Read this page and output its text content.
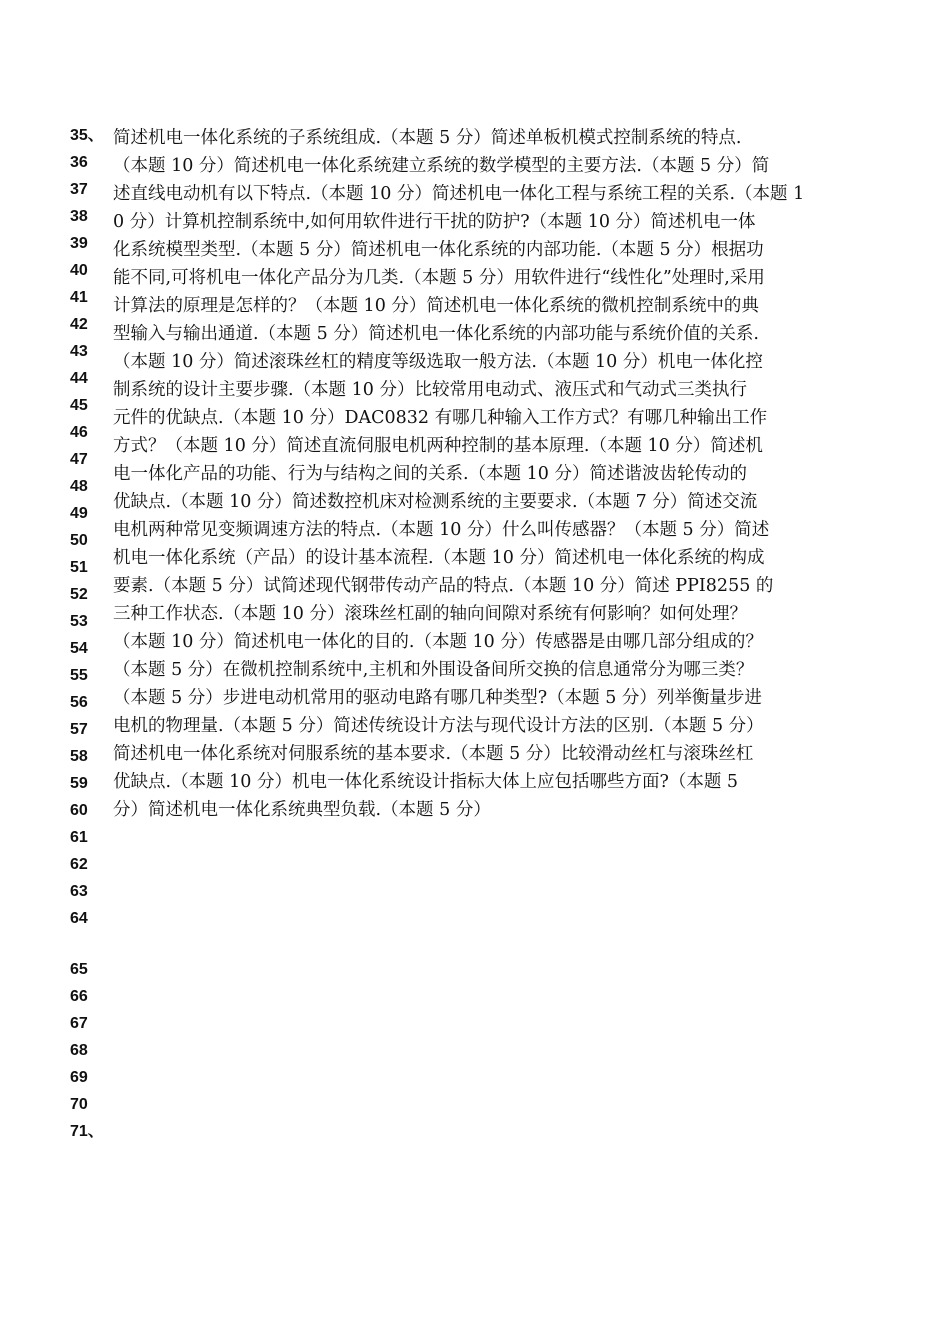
35、
36
37
38
39
40
41
42
43
44
45
46
47
48
49
50
51
52
53
54
55
56
57
58
59
60
61
62
63
64
65
66
67
68
69
70
71、
简述机电一体化系统的子系统组成.（本题 5 分）简述单板机模式控制系统的特点.
（本题 10 分）简述机电一体化系统建立系统的数学模型的主要方法.（本题 5 分）简
述直线电动机有以下特点.（本题 10 分）简述机电一体化工程与系统工程的关系.（本题 1
0 分）计算机控制系统中,如何用软件进行干扰的防护?（本题 10 分）简述机电一体
化系统模型类型.（本题 5 分）简述机电一体化系统的内部功能.（本题 5 分）根据功
能不同,可将机电一体化产品分为几类.（本题 5 分）用软件进行“线性化”处理时,采用
计算法的原理是怎样的？（本题 10 分）简述机电一体化系统的微机控制系统中的典
型输入与输出通道.（本题 5 分）简述机电一体化系统的内部功能与系统价值的关系.
（本题 10 分）简述滚珠丝杠的精度等级选取一般方法.（本题 10 分）机电一体化控
制系统的设计主要步骤.（本题 10 分）比较常用电动式、液压式和气动式三类执行
元件的优缺点.（本题 10 分）DAC0832 有哪几种输入工作方式？有哪几种输出工作
方式？（本题 10 分）简述直流伺服电机两种控制的基本原理.（本题 10 分）简述机
电一体化产品的功能、行为与结构之间的关系.（本题 10 分）简述谐波齿轮传动的
优缺点.（本题 10 分）简述数控机床对检测系统的主要要求.（本题 7 分）简述交流
电机两种常见变频调速方法的特点.（本题 10 分）什么叫传感器？（本题 5 分）简述
机电一体化系统（产品）的设计基本流程.（本题 10 分）简述机电一体化系统的构成
要素.（本题 5 分）试简述现代钢带传动产品的特点.（本题 10 分）简述 PPI8255 的
三种工作状态.（本题 10 分）滚珠丝杠副的轴向间隙对系统有何影响？如何处理？
（本题 10 分）简述机电一体化的目的.（本题 10 分）传感器是由哪几部分组成的？
（本题 5 分）在微机控制系统中,主机和外围设备间所交换的信息通常分为哪三类？
（本题 5 分）步进电动机常用的驱动电路有哪几种类型?（本题 5 分）列举衡量步进
电机的物理量.（本题 5 分）简述传统设计方法与现代设计方法的区别.（本题 5 分）
简述机电一体化系统对伺服系统的基本要求.（本题 5 分）比较滑动丝杠与滚珠丝杠
优缺点.（本题 10 分）机电一体化系统设计指标大体上应包括哪些方面?（本题 5
分）简述机电一体化系统典型负载.（本题 5 分）
